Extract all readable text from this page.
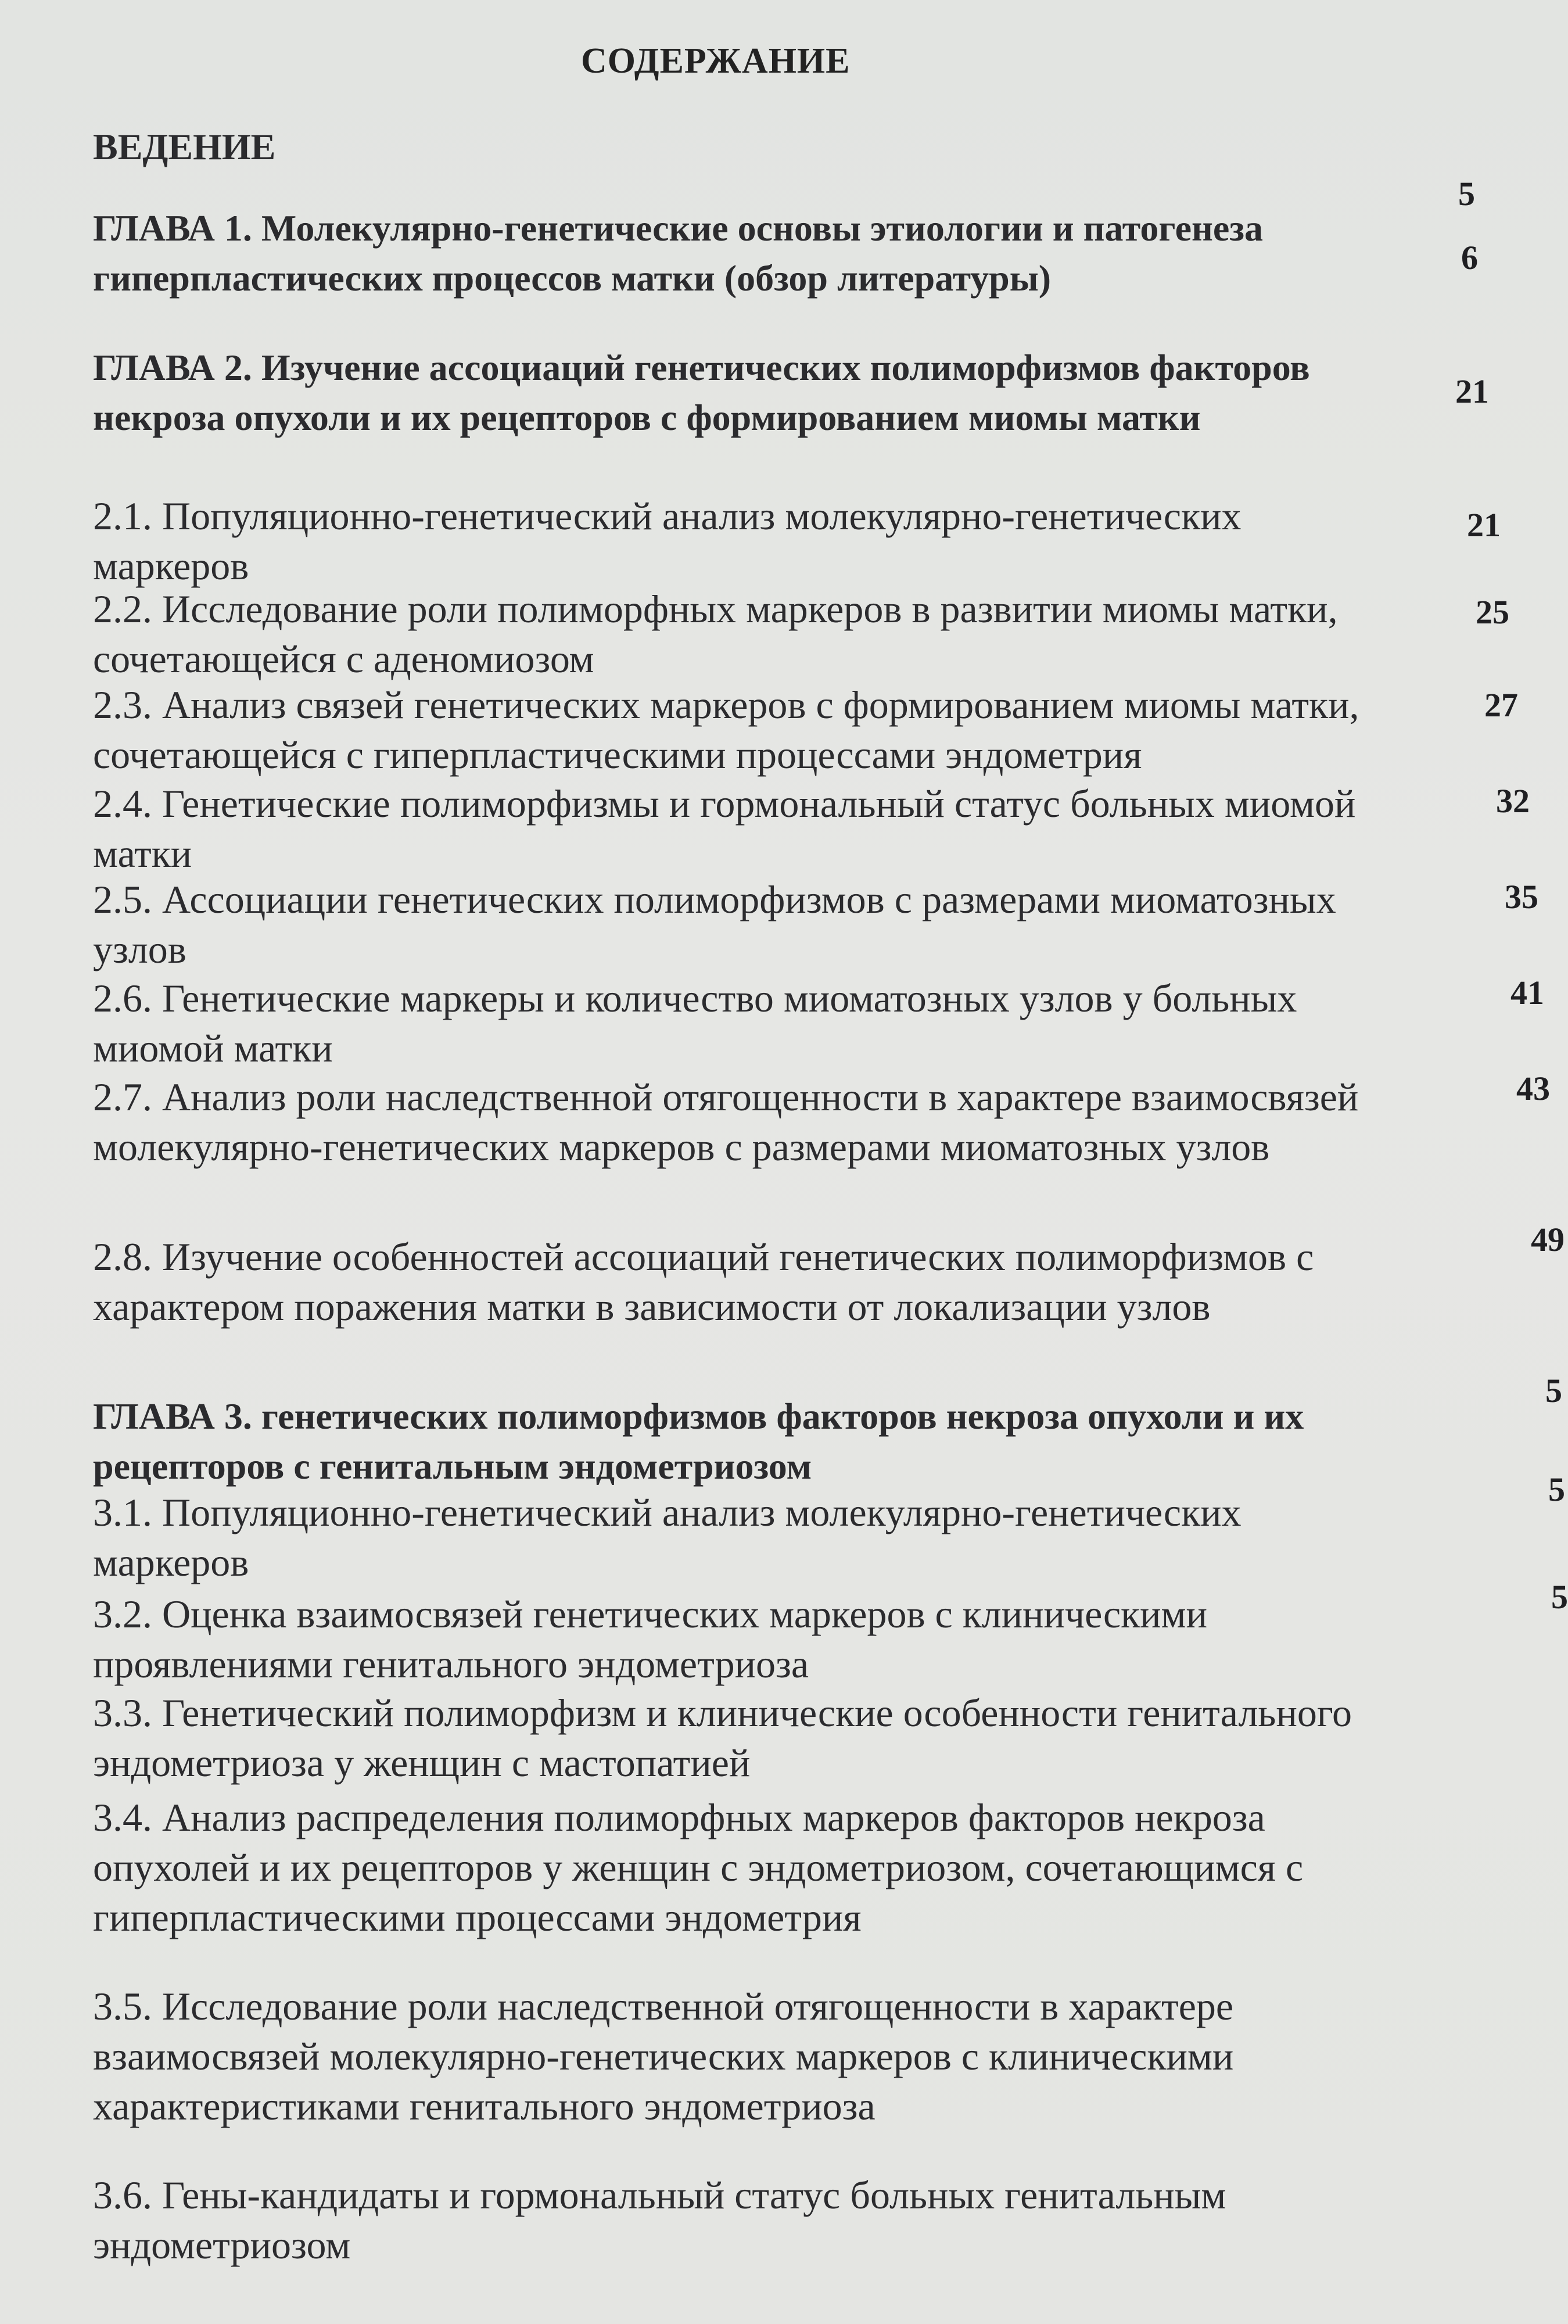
СОДЕРЖАНИЕ
ВЕДЕНИЕ
5
ГЛАВА 1. Молекулярно-генетические основы этиологии и патогенеза гиперпластических процессов матки (обзор литературы)	6
ГЛАВА 2. Изучение ассоциаций генетических полиморфизмов факторов некроза опухоли и их рецепторов с формированием миомы матки
21
2.1. Популяционно-генетический анализ молекулярно-генетических маркеров
21
2.2. Исследование роли полиморфных маркеров в развитии миомы матки, сочетающейся с аденомиозом
25
2.3. Анализ связей генетических маркеров с формированием миомы матки, сочетающейся с гиперпластическими процессами эндометрия
27
2.4. Генетические полиморфизмы и гормональный статус больных миомой матки
32
2.5. Ассоциации генетических полиморфизмов с размерами миоматозных узлов
35
2.6. Генетические маркеры и количество миоматозных узлов у больных миомой матки
41
2.7. Анализ роли наследственной отягощенности в характере взаимосвязей молекулярно-генетических маркеров с размерами миоматозных узлов
43
2.8. Изучение особенностей ассоциаций генетических полиморфизмов с характером поражения матки в зависимости от локализации узлов
49
ГЛАВА 3. генетических полиморфизмов факторов некроза опухоли и их рецепторов с генитальным эндометриозом
5
3.1. Популяционно-генетический анализ молекулярно-генетических маркеров
5
3.2. Оценка взаимосвязей генетических маркеров с клиническими проявлениями генитального эндометриоза
5
3.3. Генетический полиморфизм и клинические особенности генитального эндометриоза у женщин с мастопатией
3.4. Анализ распределения полиморфных маркеров факторов некроза опухолей и их рецепторов у женщин с эндометриозом, сочетающимся с гиперпластическими процессами эндометрия
3.5. Исследование роли наследственной отягощенности в характере взаимосвязей молекулярно-генетических маркеров с клиническими характеристиками генитального эндометриоза
3.6. Гены-кандидаты и гормональный статус больных генитальным эндометриозом
